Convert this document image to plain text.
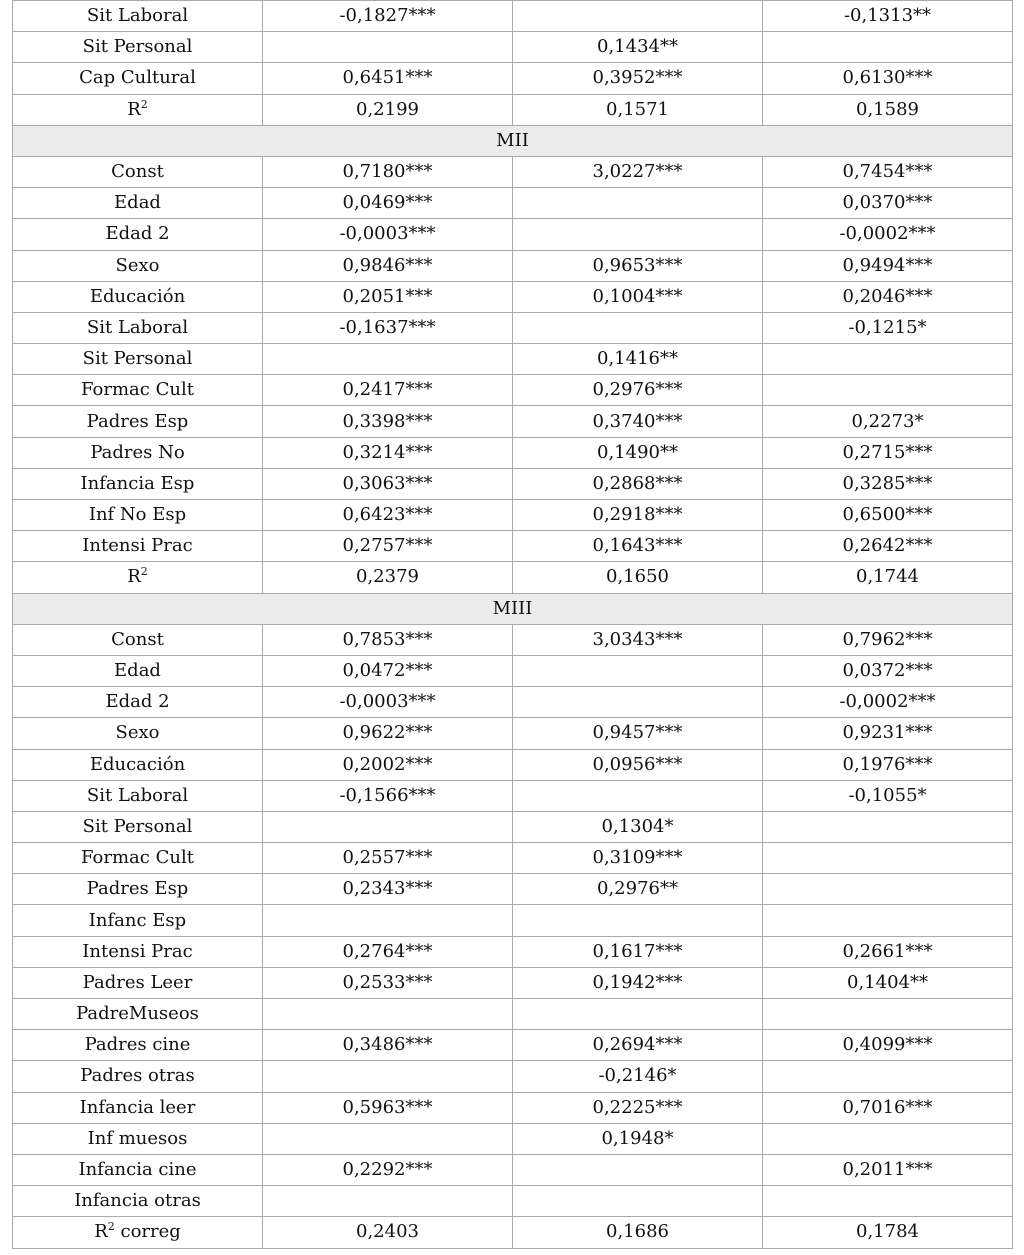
Sit Laboral	-0,1827***		-0,1313**
Sit Personal		0,1434**	
Cap Cultural	0,6451***	0,3952***	0,6130***
$R^2$	0,2199	0,1571	0,1589
MII			
Const	0,7180***	3,0227***	0,7454***
Edad	0,0469***		0,0370***
Edad 2	-0,0003***		-0,0002***
Sexo	0,9846***	0,9653***	0,9494***
Educación	0,2051***	0,1004***	0,2046***
Sit Laboral	-0,1637***		-0,1215*
Sit Personal		0,1416**	
Formac Cult	0,2417***	0,2976***	
Padres Esp	0,3398***	0,3740***	0,2273*
Padres No	0,3214***	0,1490**	0,2715***
Infancia Esp	0,3063***	0,2868***	0,3285***
Inf No Esp	0,6423***	0,2918***	0,6500***
Intensi Prac	0,2757***	0,1643***	0,2642***
$R^2$	0,2379	0,1650	0,1744
MIII			
Const	0,7853***	3,0343***	0,7962***
Edad	0,0472***		0,0372***
Edad 2	-0,0003***		-0,0002***
Sexo	0,9622***	0,9457***	0,9231***
Educación	0,2002***	0,0956***	0,1976***
Sit Laboral	-0,1566***		-0,1055*
Sit Personal		0,1304*	
Formac Cult	0,2557***	0,3109***	
Padres Esp	0,2343***	0,2976**	
Infanc Esp			
Intensi Prac	0,2764***	0,1617***	0,2661***
Padres Leer	0,2533***	0,1942***	0,1404**
PadreMuseos			
Padres cine	0,3486***	0,2694***	0,4099***
Padres otras		-0,2146*	
Infancia leer	0,5963***	0,2225***	0,7016***
Inf muesos		0,1948*	
Infancia cine	0,2292***		0,2011***
Infancia otras			
$R^2$ correg	0,2403	0,1686	0,1784
